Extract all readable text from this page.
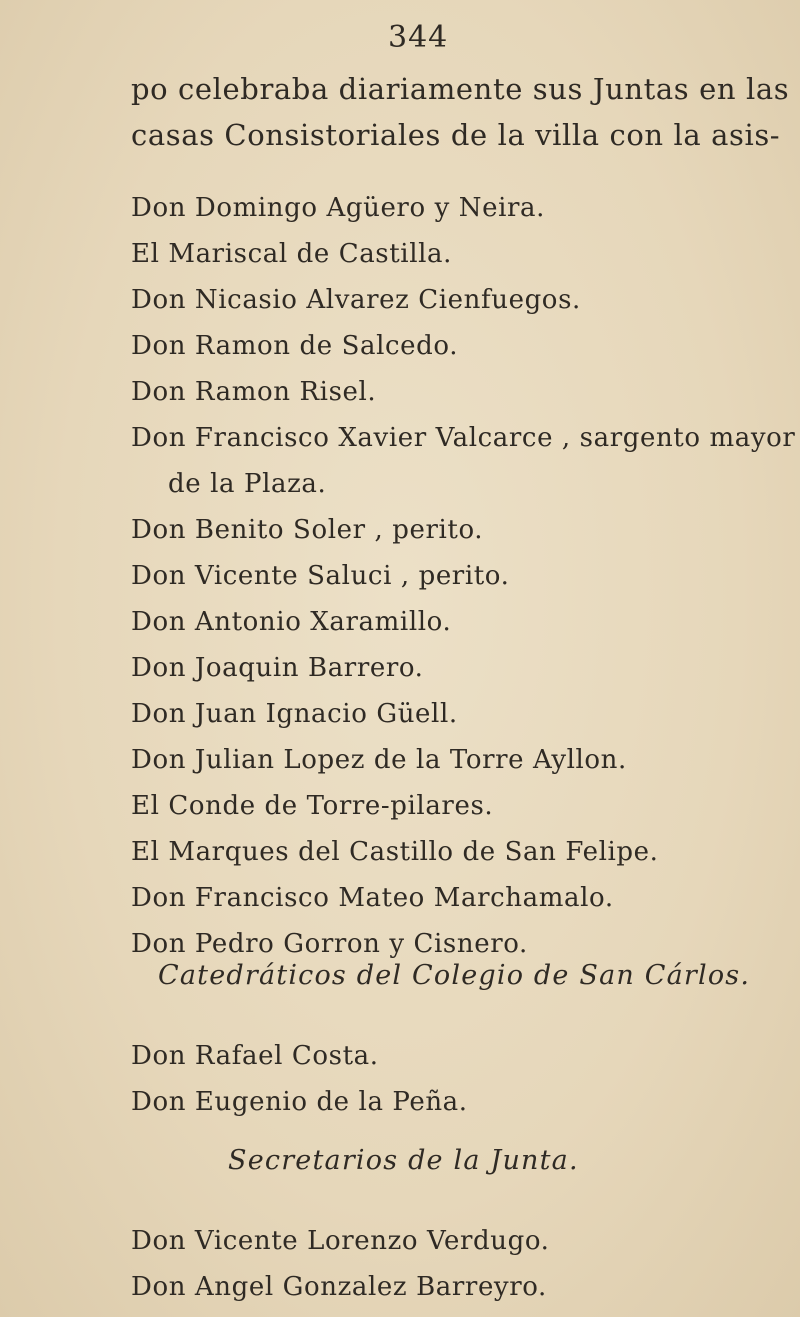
344
po celebraba diariamente sus Juntas en las
casas Consistoriales de la villa con la asis-
Don Domingo Agüero y Neira.
El Mariscal de Castilla.
Don Nicasio Alvarez Cienfuegos.
Don Ramon de Salcedo.
Don Ramon Risel.
Don Francisco Xavier Valcarce , sargento mayor
de la Plaza.
Don Benito Soler , perito.
Don Vicente Saluci , perito.
Don Antonio Xaramillo.
Don Joaquin Barrero.
Don Juan Ignacio Güell.
Don Julian Lopez de la Torre Ayllon.
El Conde de Torre-pilares.
El Marques del Castillo de San Felipe.
Don Francisco Mateo Marchamalo.
Don Pedro Gorron y Cisnero.
Catedráticos del Colegio de San Cárlos.
Don Rafael Costa.
Don Eugenio de la Peña.
Secretarios de la Junta.
Don Vicente Lorenzo Verdugo.
Don Angel Gonzalez Barreyro.
